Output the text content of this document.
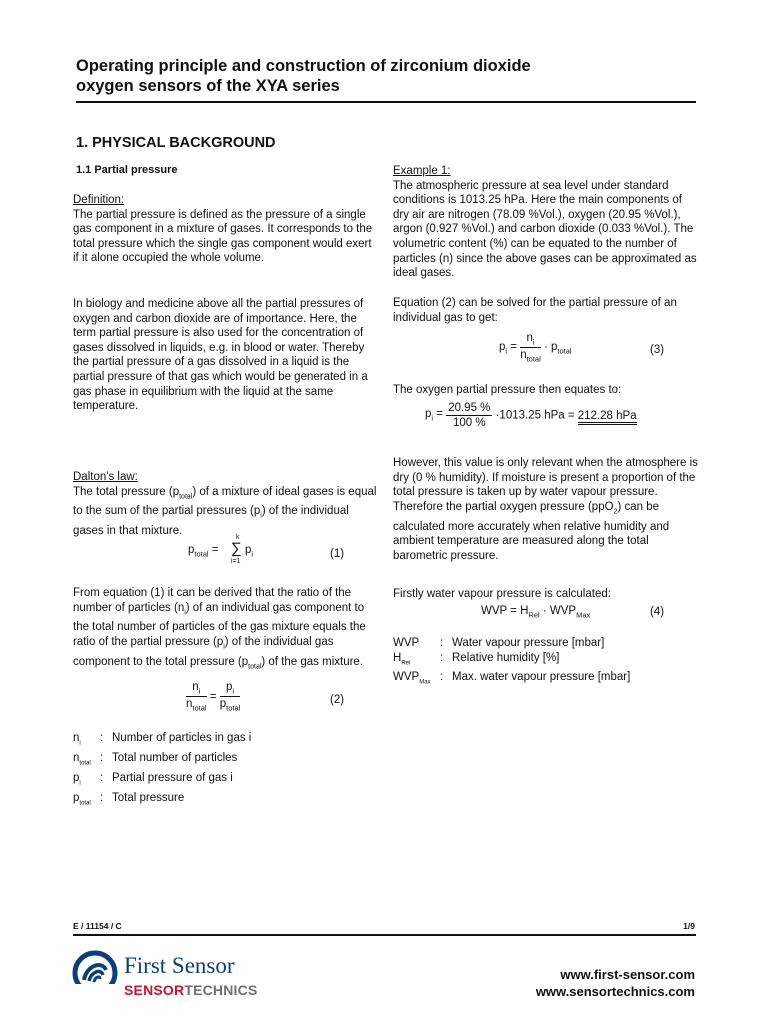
Operating principle and construction of zirconium dioxide
oxygen sensors of the XYA series
1. PHYSICAL BACKGROUND
1.1 Partial pressure
Definition:
The partial pressure is defined as the pressure of a single gas component in a mixture of gases. It corresponds to the total pressure which the single gas component would exert if it alone occupied the whole volume.
In biology and medicine above all the partial pressures of oxygen and carbon dioxide are of importance. Here, the term partial pressure is also used for the concentration of gases dissolved in liquids, e.g. in blood or water. Thereby the partial pressure of a gas dissolved in a liquid is the partial pressure of that gas which would be generated in a gas phase in equilibrium with the liquid at the same temperature.
Dalton's law:
The total pressure $(p_{total})$ of a mixture of ideal gases is equal to the sum of the partial pressures $(p_i)$ of the individual gases in that mixture.
$p_{total}$ =
k
∑
i=1
$p_i$	(1)
From equation (1) it can be derived that the ratio of the number of particles $(n_i)$ of an individual gas component to the total number of particles of the gas mixture equals the ratio of the partial pressure $(p_i)$ of the individual gas component to the total pressure $(p_{total})$ of the gas mixture.
$\frac{n_i}{n_{total}} = \frac{p_i}{p_{total}}$	(2)
$n_i$	:	Number of particles in gas i
$n_{total}$	:	Total number of particles
$p_i$	:	Partial pressure of gas i
$p_{total}$	:	Total pressure
Example 1:
The atmospheric pressure at sea level under standard conditions is 1013.25 hPa. Here the main components of dry air are nitrogen (78.09 %Vol.), oxygen (20.95 %Vol.), argon (0.927 %Vol.) and carbon dioxide (0.033 %Vol.). The volumetric content (%) can be equated to the number of particles (n) since the above gases can be approximated as ideal gases.
Equation (2) can be solved for the partial pressure of an individual gas to get:
$p_i = \frac{n_i}{n_{total}} \cdot p_{total}$	(3)
The oxygen partial pressure then equates to:
$p_i = \frac{20.95 \%}{100 \%} \cdot 1013.25$ hPa = 212.28 hPa
However, this value is only relevant when the atmosphere is dry (0 % humidity). If moisture is present a proportion of the total pressure is taken up by water vapour pressure. Therefore the partial oxygen pressure (ppO$_2$) can be calculated more accurately when relative humidity and ambient temperature are measured along the total barometric pressure.
Firstly water vapour pressure is calculated:
WVP = $H_{Rel} \cdot WVP_{Max}$	(4)
WVP	:	Water vapour pressure [mbar]
$H_{Rel}$	:	Relative humidity [%]
$WVP_{Max}$	:	Max. water vapour pressure [mbar]
E / 11154 / C	1/9
First Sensor
SENSORTECHNICS
www.first-sensor.com
www.sensortechnics.com
